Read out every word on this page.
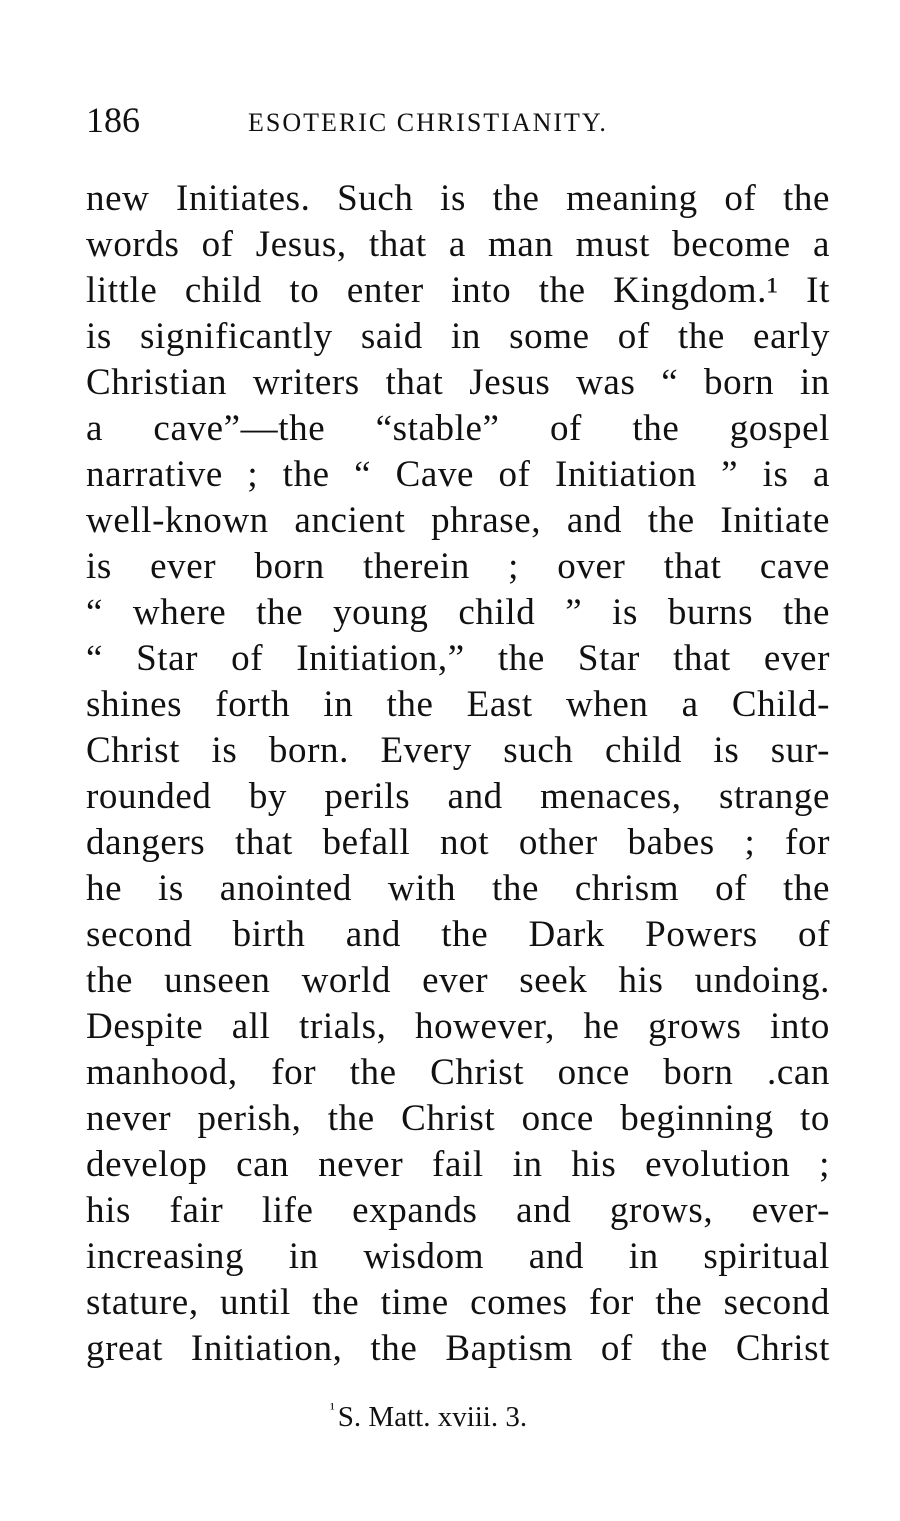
186	ESOTERIC CHRISTIANITY.
new Initiates. Such is the meaning of the
words of Jesus, that a man must become a
little child to enter into the Kingdom.¹ It
is significantly said in some of the early
Christian writers that Jesus was “ born in
a cave”—the “stable” of the gospel
narrative ; the “ Cave of Initiation ” is a
well-known ancient phrase, and the Initiate
is ever born therein ; over that cave
“ where the young child ” is burns the
“ Star of Initiation,” the Star that ever
shines forth in the East when a Child-
Christ is born. Every such child is sur-
rounded by perils and menaces, strange
dangers that befall not other babes ; for
he is anointed with the chrism of the
second birth and the Dark Powers of
the unseen world ever seek his undoing.
Despite all trials, however, he grows into
manhood, for the Christ once born .can
never perish, the Christ once beginning to
develop can never fail in his evolution ;
his fair life expands and grows, ever-
increasing in wisdom and in spiritual
stature, until the time comes for the second
great Initiation, the Baptism of the Christ
$^{^1}$ S. Matt. xviii. 3.
